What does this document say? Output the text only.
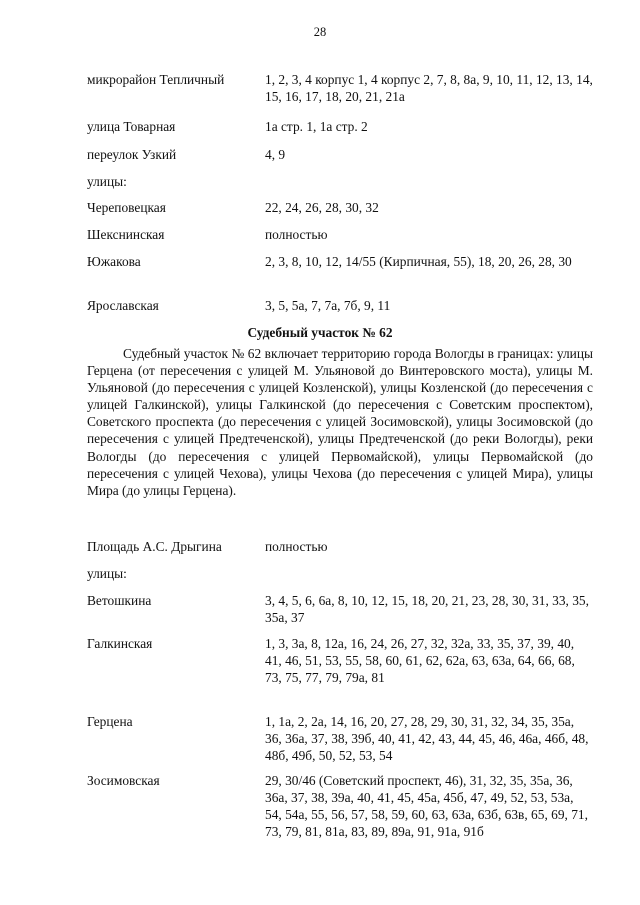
28
микрорайон Тепличный	1, 2, 3, 4 корпус 1, 4 корпус 2, 7, 8, 8а, 9, 10, 11, 12, 13, 14, 15, 16, 17, 18, 20, 21, 21а
улица Товарная	1а стр. 1, 1а стр. 2
переулок Узкий	4, 9
улицы:
Череповецкая	22, 24, 26, 28, 30, 32
Шекснинская	полностью
Южакова	2, 3, 8, 10, 12, 14/55 (Кирпичная, 55), 18, 20, 26, 28, 30
Ярославская	3, 5, 5а, 7, 7а, 7б, 9, 11
Судебный участок № 62
Судебный участок № 62 включает территорию города Вологды в границах: улицы Герцена (от пересечения с улицей М. Ульяновой до Винтеровского моста), улицы М. Ульяновой (до пересечения с улицей Козленской), улицы Козленской (до пересечения с улицей Галкинской), улицы Галкинской (до пересечения с Советским проспектом), Советского проспекта (до пересечения с улицей Зосимовской), улицы Зосимовской (до пересечения с улицей Предтеченской), улицы Предтеченской (до реки Вологды), реки Вологды (до пересечения с улицей Первомайской), улицы Первомайской (до пересечения с улицей Чехова), улицы Чехова (до пересечения с улицей Мира), улицы Мира (до улицы Герцена).
Площадь А.С. Дрыгина	полностью
улицы:
Ветошкина	3, 4, 5, 6, 6а, 8, 10, 12, 15, 18, 20, 21, 23, 28, 30, 31, 33, 35, 35а, 37
Галкинская	1, 3, 3а, 8, 12а, 16, 24, 26, 27, 32, 32а, 33, 35, 37, 39, 40, 41, 46, 51, 53, 55, 58, 60, 61, 62, 62а, 63, 63а, 64, 66, 68, 73, 75, 77, 79, 79а, 81
Герцена	1, 1а, 2, 2а, 14, 16, 20, 27, 28, 29, 30, 31, 32, 34, 35, 35а, 36, 36а, 37, 38, 39б, 40, 41, 42, 43, 44, 45, 46, 46а, 46б, 48, 48б, 49б, 50, 52, 53, 54
Зосимовская	29, 30/46 (Советский проспект, 46), 31, 32, 35, 35а, 36, 36а, 37, 38, 39а, 40, 41, 45, 45а, 45б, 47, 49, 52, 53, 53а, 54, 54а, 55, 56, 57, 58, 59, 60, 63, 63а, 63б, 63в, 65, 69, 71, 73, 79, 81, 81а, 83, 89, 89а, 91, 91а, 91б
